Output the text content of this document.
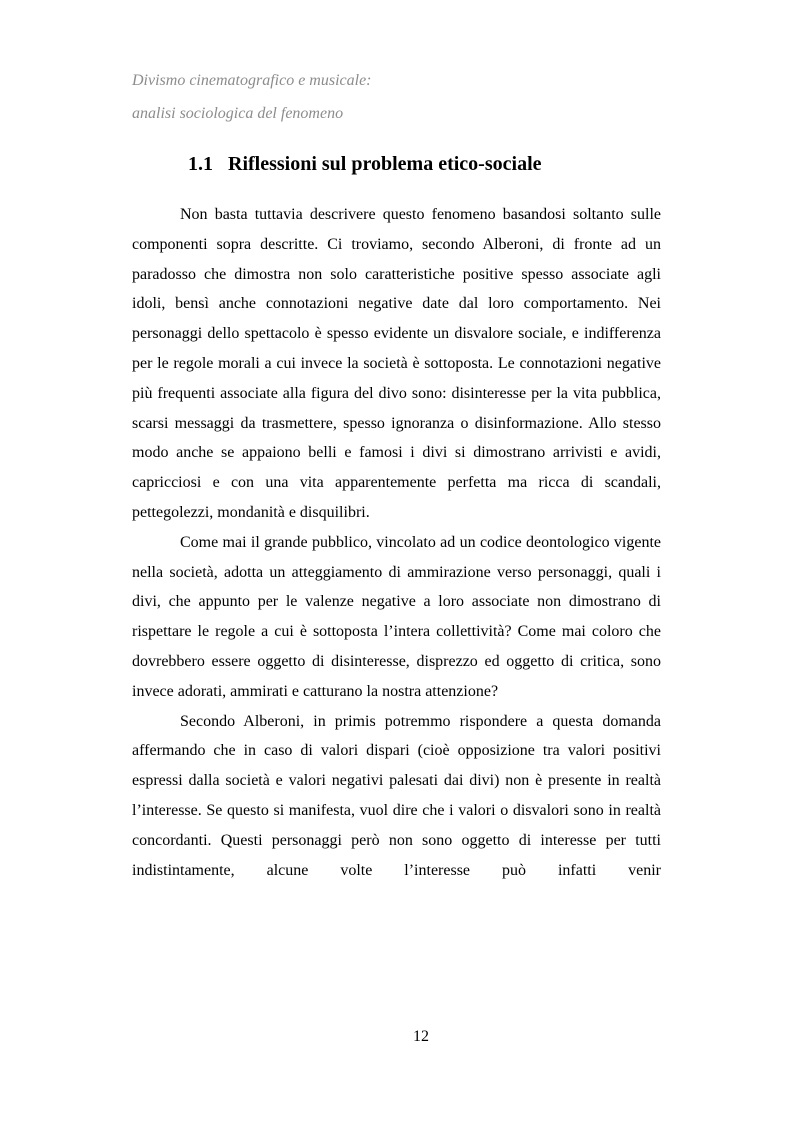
Divismo cinematografico e musicale:
analisi sociologica del fenomeno
1.1 Riflessioni sul problema etico-sociale

Non basta tuttavia descrivere questo fenomeno basandosi soltanto sulle componenti sopra descritte. Ci troviamo, secondo Alberoni, di fronte ad un paradosso che dimostra non solo caratteristiche positive spesso associate agli idoli, bensì anche connotazioni negative date dal loro comportamento. Nei personaggi dello spettacolo è spesso evidente un disvalore sociale, e indifferenza per le regole morali a cui invece la società è sottoposta. Le connotazioni negative più frequenti associate alla figura del divo sono: disinteresse per la vita pubblica, scarsi messaggi da trasmettere, spesso ignoranza o disinformazione. Allo stesso modo anche se appaiono belli e famosi i divi si dimostrano arrivisti e avidi, capricciosi e con una vita apparentemente perfetta ma ricca di scandali, pettegolezzi, mondanità e disquilibri.

Come mai il grande pubblico, vincolato ad un codice deontologico vigente nella società, adotta un atteggiamento di ammirazione verso personaggi, quali i divi, che appunto per le valenze negative a loro associate non dimostrano di rispettare le regole a cui è sottoposta l’intera collettività? Come mai coloro che dovrebbero essere oggetto di disinteresse, disprezzo ed oggetto di critica, sono invece adorati, ammirati e catturano la nostra attenzione?

Secondo Alberoni, in primis potremmo rispondere a questa domanda affermando che in caso di valori dispari (cioè opposizione tra valori positivi espressi dalla società e valori negativi palesati dai divi) non è presente in realtà l’interesse. Se questo si manifesta, vuol dire che i valori o disvalori sono in realtà concordanti. Questi personaggi però non sono oggetto di interesse per tutti indistintamente, alcune volte l’interesse può infatti venir

12
